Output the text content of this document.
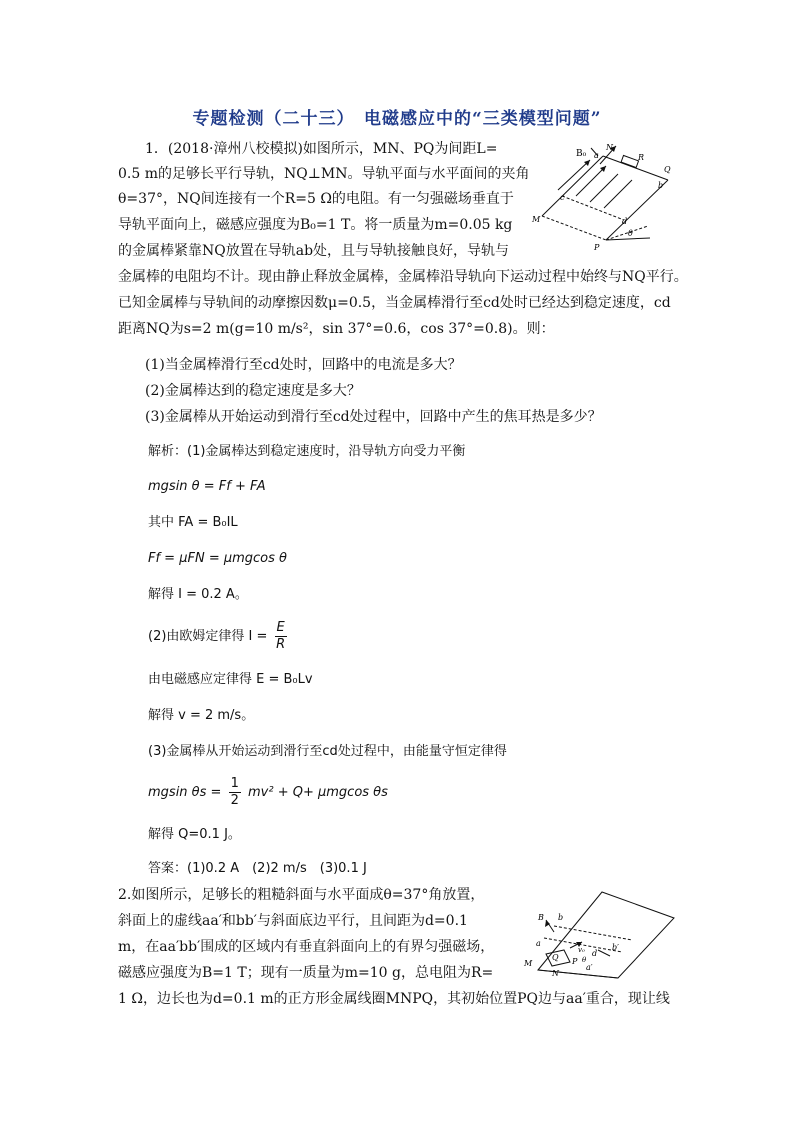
专题检测（二十三）　电磁感应中的“三类模型问题”
1．(2018·漳州八校模拟)如图所示，MN、PQ为间距L=
0.5 m的足够长平行导轨，NQ⊥MN。导轨平面与水平面间的夹角
θ=37°，NQ间连接有一个R=5 Ω的电阻。有一匀强磁场垂直于
导轨平面向上，磁感应强度为B₀=1 T。将一质量为m=0.05 kg
的金属棒紧靠NQ放置在导轨ab处，且与导轨接触良好，导轨与
金属棒的电阻均不计。现由静止释放金属棒，金属棒沿导轨向下运动过程中始终与NQ平行。
已知金属棒与导轨间的动摩擦因数μ=0.5，当金属棒滑行至cd处时已经达到稳定速度，cd
距离NQ为s=2 m(g=10 m/s²，sin 37°=0.6，cos 37°=0.8)。则：
(1)当金属棒滑行至cd处时，回路中的电流是多大？
(2)金属棒达到的稳定速度是多大？
(3)金属棒从开始运动到滑行至cd处过程中，回路中产生的焦耳热是多少？
B₀ a
N
R
Q
b
c
M	d
θ
P
解析：(1)金属棒达到稳定速度时，沿导轨方向受力平衡
mgsin θ = Ff + FA
其中 FA = B₀IL
Ff = μFN = μmgcos θ
解得 I = 0.2 A。
(2)由欧姆定律得 $I = \frac{E}{R}$
由电磁感应定律得 E = B₀Lv
解得 v = 2 m/s。
(3)金属棒从开始运动到滑行至cd处过程中，由能量守恒定律得
mgsin $\theta s = \frac{1}{2} mv^2 + Q+ \mu mgcos$ θs
解得 Q=0.1 J。
答案：(1)0.2 A　(2)2 m/s　(3)0.1 J
2.如图所示，足够长的粗糙斜面与水平面成θ=37°角放置，
斜面上的虚线aa′和bb′与斜面底边平行，且间距为d=0.1
m，在aa′bb′围成的区域内有垂直斜面向上的有界匀强磁场，
磁感应强度为B=1 T；现有一质量为m=10 g，总电阻为R=
1 Ω，边长也为d=0.1 m的正方形金属线圈MNPQ，其初始位置PQ边与aa′重合，现让线
B b
a
v₀ d
b′
a′
M
Q P
N
θ
